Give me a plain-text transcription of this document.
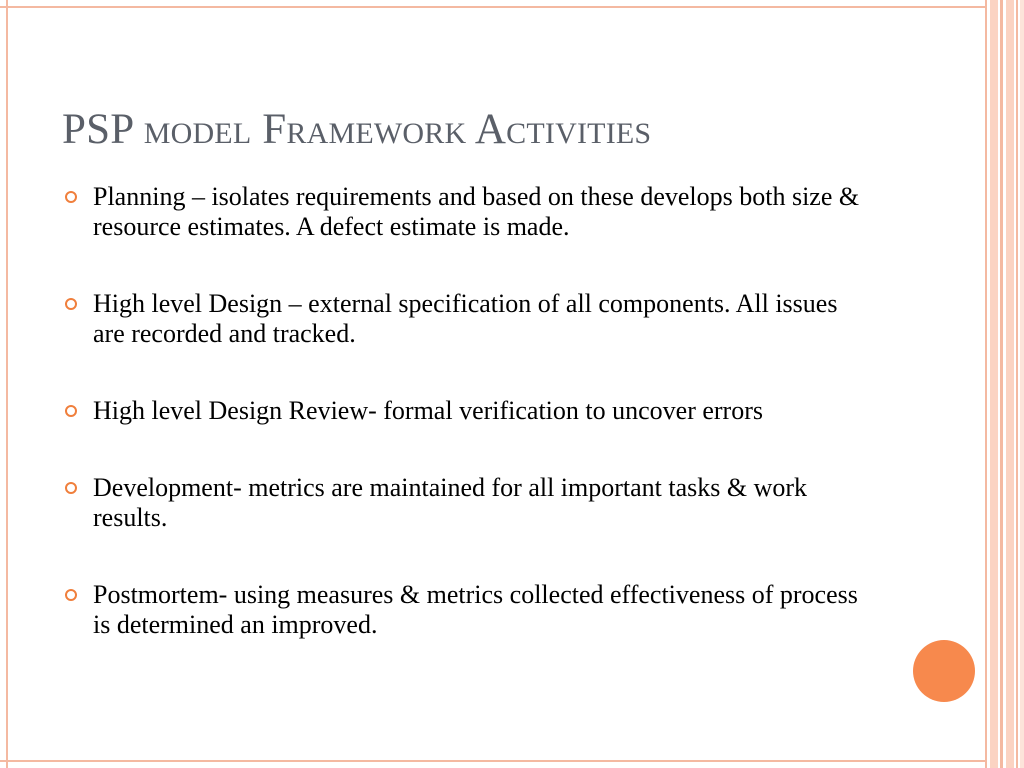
PSP model Framework Activities
Planning – isolates requirements and based on these develops both size & resource estimates. A defect estimate is made.
High level Design – external specification of all components. All issues are recorded and tracked.
High level Design Review- formal verification to uncover errors
Development- metrics are maintained for all important tasks & work results.
Postmortem- using measures & metrics collected effectiveness of process is determined an improved.
